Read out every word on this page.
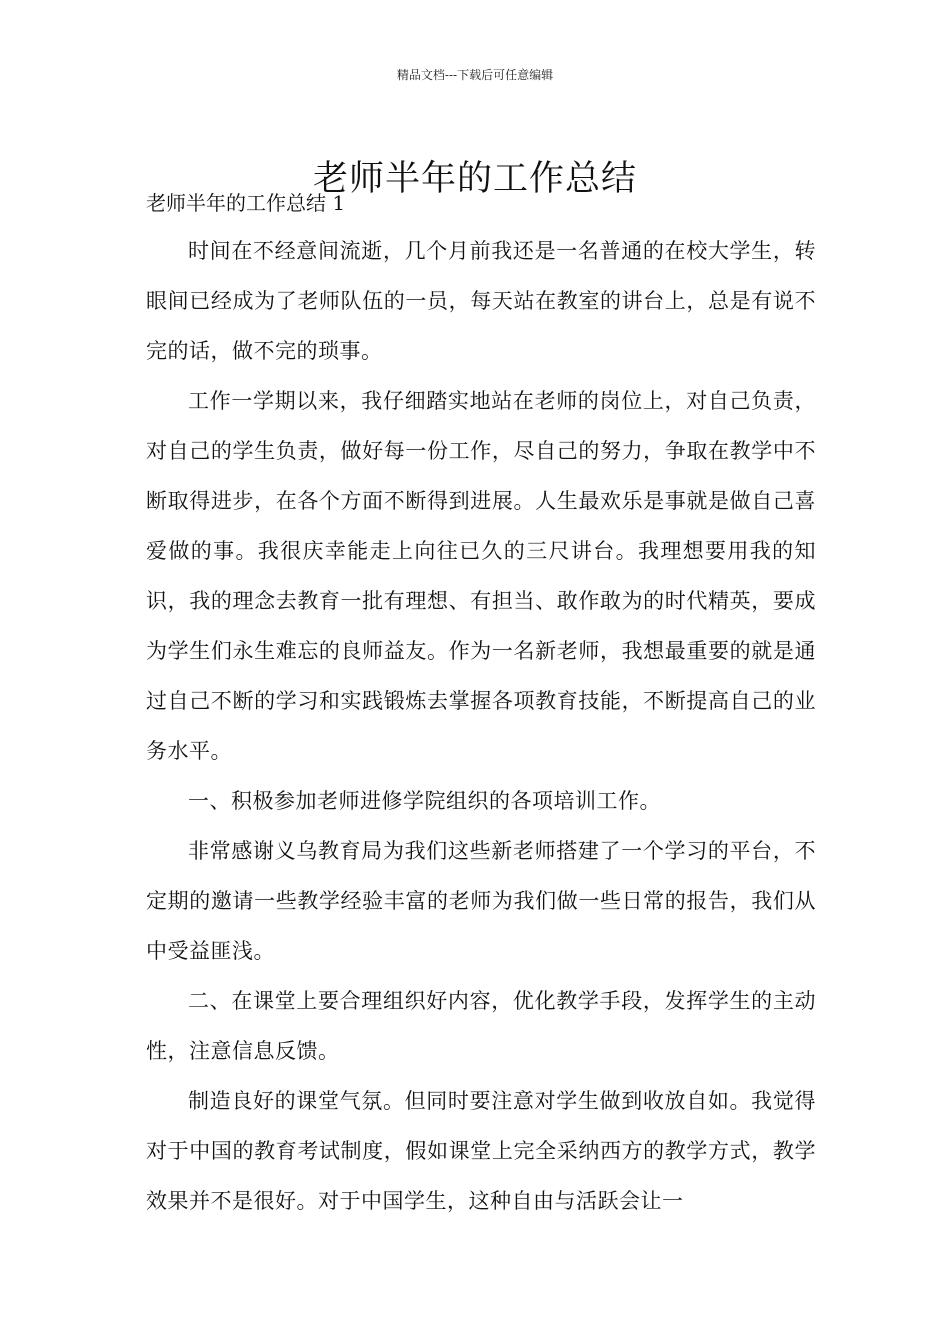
精品文档---下载后可任意编辑
老师半年的工作总结
老师半年的工作总结 1

时间在不经意间流逝，几个月前我还是一名普通的在校大学生，转眼间已经成为了老师队伍的一员，每天站在教室的讲台上，总是有说不完的话，做不完的琐事。

工作一学期以来，我仔细踏实地站在老师的岗位上，对自己负责，对自己的学生负责，做好每一份工作，尽自己的努力，争取在教学中不断取得进步，在各个方面不断得到进展。人生最欢乐是事就是做自己喜爱做的事。我很庆幸能走上向往已久的三尺讲台。我理想要用我的知识，我的理念去教育一批有理想、有担当、敢作敢为的时代精英，要成为学生们永生难忘的良师益友。作为一名新老师，我想最重要的就是通过自己不断的学习和实践锻炼去掌握各项教育技能，不断提高自己的业务水平。

一、积极参加老师进修学院组织的各项培训工作。

非常感谢义乌教育局为我们这些新老师搭建了一个学习的平台，不定期的邀请一些教学经验丰富的老师为我们做一些日常的报告，我们从中受益匪浅。

二、在课堂上要合理组织好内容，优化教学手段，发挥学生的主动性，注意信息反馈。

制造良好的课堂气氛。但同时要注意对学生做到收放自如。我觉得对于中国的教育考试制度，假如课堂上完全采纳西方的教学方式，教学效果并不是很好。对于中国学生，这种自由与活跃会让一
